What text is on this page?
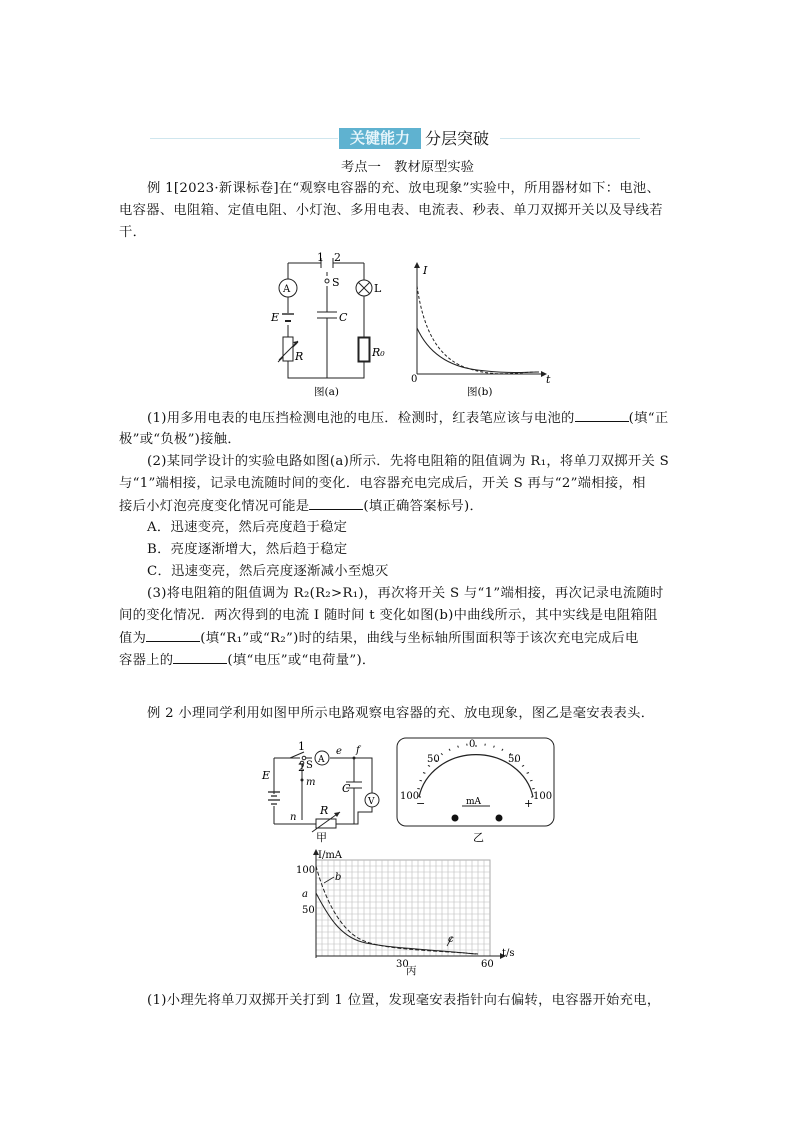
关键能力 分层突破
考点一　教材原型实验
例 1[2023·新课标卷]在“观察电容器的充、放电现象”实验中，所用器材如下：电池、
电容器、电阻箱、定值电阻、小灯泡、多用电表、电流表、秒表、单刀双掷开关以及导线若
干．
A
1 2
S	L
E	C
R	R₀
图(a)
I
t
0
图(b)
(1)用多用电表的电压挡检测电池的电压．检测时，红表笔应该与电池的	(填“正
极”或“负极”)接触．
(2)某同学设计的实验电路如图(a)所示．先将电阻箱的阻值调为 R₁，将单刀双掷开关 S
与“1”端相接，记录电流随时间的变化．电容器充电完成后，开关 S 再与“2”端相接，相
接后小灯泡亮度变化情况可能是	(填正确答案标号)．
A．迅速变亮，然后亮度趋于稳定
B．亮度逐渐增大，然后趋于稳定
C．迅速变亮，然后亮度逐渐减小至熄灭
(3)将电阻箱的阻值调为 R₂(R₂>R₁)，再次将开关 S 与“1”端相接，再次记录电流随时
间的变化情况．两次得到的电流 I 随时间 t 变化如图(b)中曲线所示，其中实线是电阻箱阻
值为	(填“R₁”或“R₂”)时的结果，曲线与坐标轴所围面积等于该次充电完成后电
容器上的	(填“电压”或“电荷量”)．
例 2 小理同学利用如图甲所示电路观察电容器的充、放电现象，图乙是毫安表表头．
A
V
1
2 S
e f
m
n
E
C
R
甲
0
50	50
100	100
−	+
mA
乙
I/mA
t/s
100
50
30	60
a
b
c
丙
(1)小理先将单刀双掷开关打到 1 位置，发现毫安表指针向右偏转，电容器开始充电，
